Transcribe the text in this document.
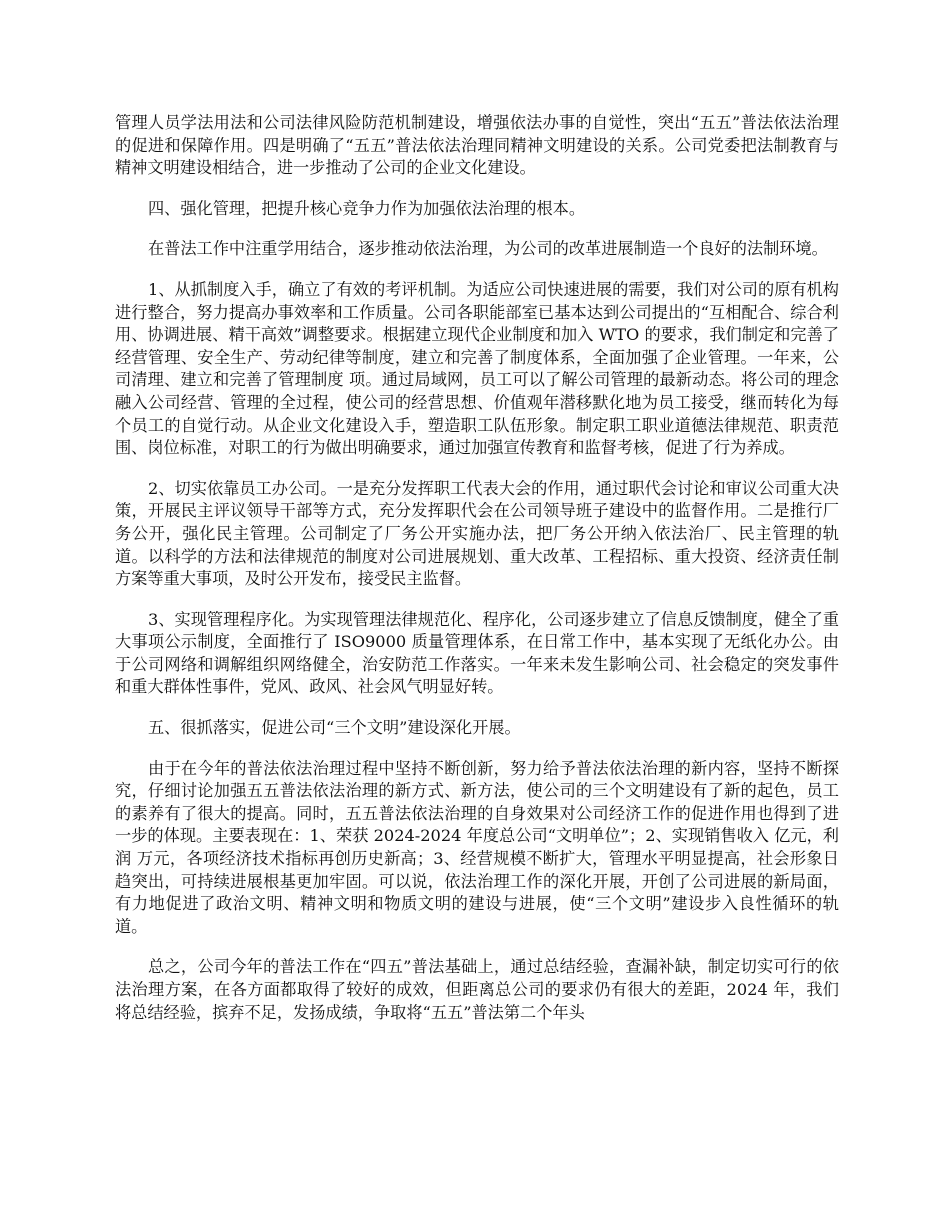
管理人员学法用法和公司法律风险防范机制建设，增强依法办事的自觉性，突出“五五”普法依法治理的促进和保障作用。四是明确了“五五”普法依法治理同精神文明建设的关系。公司党委把法制教育与精神文明建设相结合，进一步推动了公司的企业文化建设。

四、强化管理，把提升核心竞争力作为加强依法治理的根本。

在普法工作中注重学用结合，逐步推动依法治理，为公司的改革进展制造一个良好的法制环境。

1、从抓制度入手，确立了有效的考评机制。为适应公司快速进展的需要，我们对公司的原有机构进行整合，努力提高办事效率和工作质量。公司各职能部室已基本达到公司提出的“互相配合、综合利用、协调进展、精干高效”调整要求。根据建立现代企业制度和加入 WTO 的要求，我们制定和完善了经营管理、安全生产、劳动纪律等制度，建立和完善了制度体系，全面加强了企业管理。一年来，公司清理、建立和完善了管理制度 项。通过局域网，员工可以了解公司管理的最新动态。将公司的理念融入公司经营、管理的全过程，使公司的经营思想、价值观年潜移默化地为员工接受，继而转化为每个员工的自觉行动。从企业文化建设入手，塑造职工队伍形象。制定职工职业道德法律规范、职责范围、岗位标准，对职工的行为做出明确要求，通过加强宣传教育和监督考核，促进了行为养成。

2、切实依靠员工办公司。一是充分发挥职工代表大会的作用，通过职代会讨论和审议公司重大决策，开展民主评议领导干部等方式，充分发挥职代会在公司领导班子建设中的监督作用。二是推行厂务公开，强化民主管理。公司制定了厂务公开实施办法，把厂务公开纳入依法治厂、民主管理的轨道。以科学的方法和法律规范的制度对公司进展规划、重大改革、工程招标、重大投资、经济责任制方案等重大事项，及时公开发布，接受民主监督。

3、实现管理程序化。为实现管理法律规范化、程序化，公司逐步建立了信息反馈制度，健全了重大事项公示制度，全面推行了 ISO9000 质量管理体系，在日常工作中，基本实现了无纸化办公。由于公司网络和调解组织网络健全，治安防范工作落实。一年来未发生影响公司、社会稳定的突发事件和重大群体性事件，党风、政风、社会风气明显好转。

五、很抓落实，促进公司“三个文明”建设深化开展。

由于在今年的普法依法治理过程中坚持不断创新，努力给予普法依法治理的新内容，坚持不断探究，仔细讨论加强五五普法依法治理的新方式、新方法，使公司的三个文明建设有了新的起色，员工的素养有了很大的提高。同时，五五普法依法治理的自身效果对公司经济工作的促进作用也得到了进一步的体现。主要表现在：1、荣获 2024-2024 年度总公司“文明单位”；2、实现销售收入 亿元，利润 万元，各项经济技术指标再创历史新高；3、经营规模不断扩大，管理水平明显提高，社会形象日趋突出，可持续进展根基更加牢固。可以说，依法治理工作的深化开展，开创了公司进展的新局面，有力地促进了政治文明、精神文明和物质文明的建设与进展，使“三个文明”建设步入良性循环的轨道。

总之，公司今年的普法工作在“四五”普法基础上，通过总结经验，查漏补缺，制定切实可行的依法治理方案，在各方面都取得了较好的成效，但距离总公司的要求仍有很大的差距，2024 年，我们将总结经验，摈弃不足，发扬成绩，争取将“五五”普法第二个年头
